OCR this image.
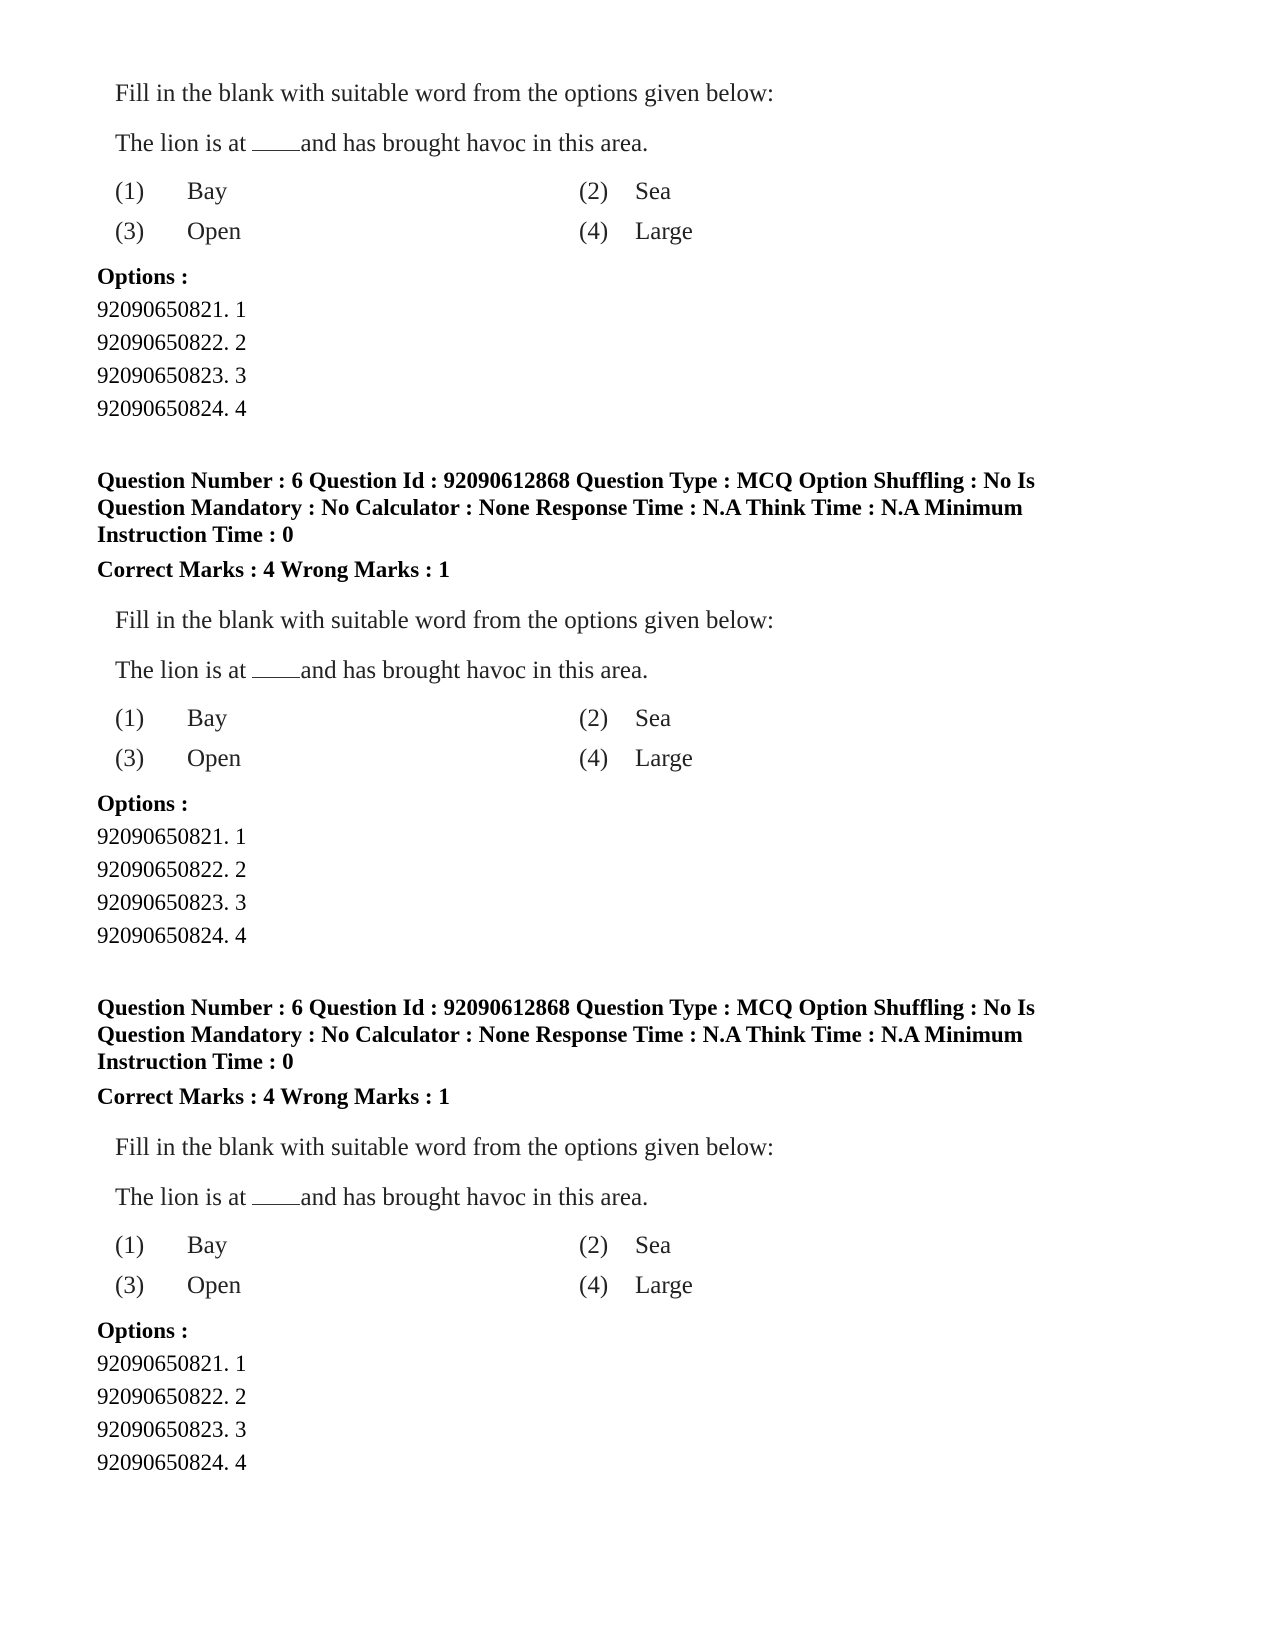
Fill in the blank with suitable word from the options given below:
The lion is at and has brought havoc in this area.
(1) Bay	(2) Sea
(3) Open	(4) Large
Options :
92090650821. 1
92090650822. 2
92090650823. 3
92090650824. 4
Question Number : 6 Question Id : 92090612868 Question Type : MCQ Option Shuffling : No Is
Question Mandatory : No Calculator : None Response Time : N.A Think Time : N.A Minimum
Instruction Time : 0
Correct Marks : 4 Wrong Marks : 1
Fill in the blank with suitable word from the options given below:
The lion is at and has brought havoc in this area.
(1) Bay	(2) Sea
(3) Open	(4) Large
Options :
92090650821. 1
92090650822. 2
92090650823. 3
92090650824. 4
Question Number : 6 Question Id : 92090612868 Question Type : MCQ Option Shuffling : No Is
Question Mandatory : No Calculator : None Response Time : N.A Think Time : N.A Minimum
Instruction Time : 0
Correct Marks : 4 Wrong Marks : 1
Fill in the blank with suitable word from the options given below:
The lion is at and has brought havoc in this area.
(1) Bay	(2) Sea
(3) Open	(4) Large
Options :
92090650821. 1
92090650822. 2
92090650823. 3
92090650824. 4
